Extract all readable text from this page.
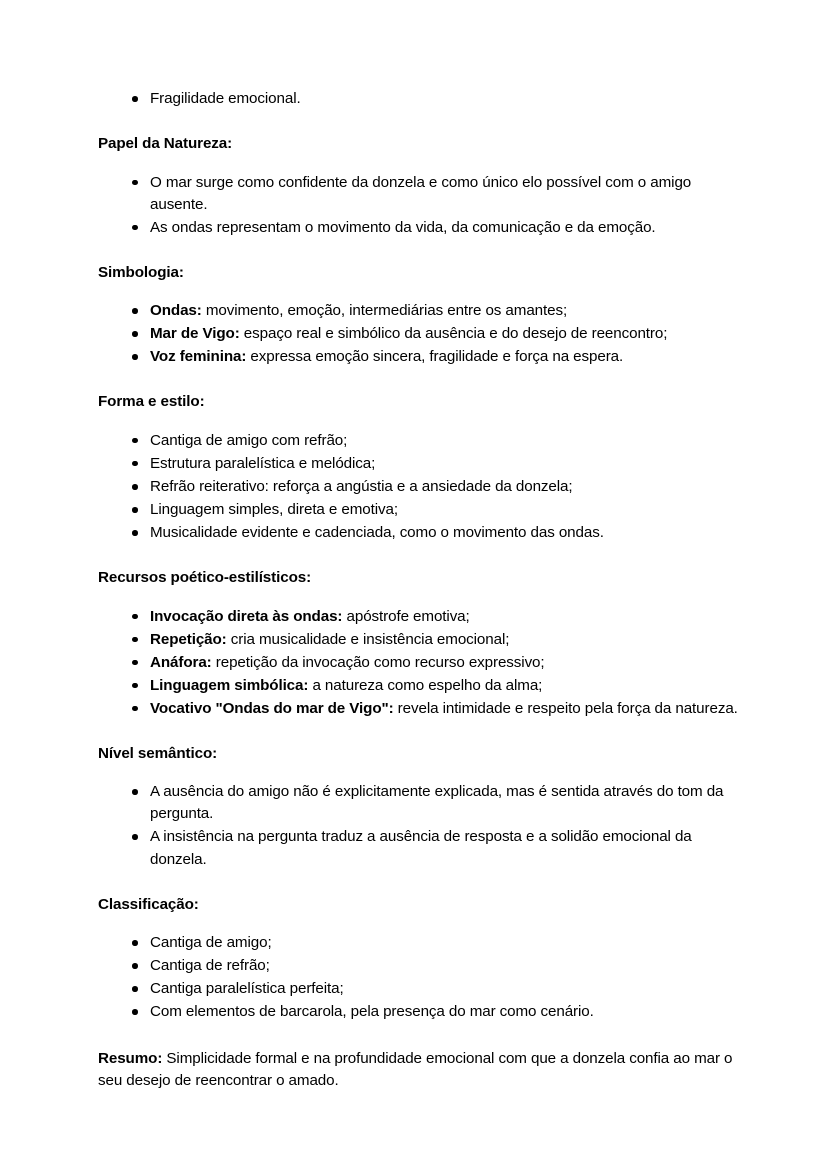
Fragilidade emocional.
Papel da Natureza:
O mar surge como confidente da donzela e como único elo possível com o amigo ausente.
As ondas representam o movimento da vida, da comunicação e da emoção.
Simbologia:
Ondas: movimento, emoção, intermediárias entre os amantes;
Mar de Vigo: espaço real e simbólico da ausência e do desejo de reencontro;
Voz feminina: expressa emoção sincera, fragilidade e força na espera.
Forma e estilo:
Cantiga de amigo com refrão;
Estrutura paralelística e melódica;
Refrão reiterativo: reforça a angústia e a ansiedade da donzela;
Linguagem simples, direta e emotiva;
Musicalidade evidente e cadenciada, como o movimento das ondas.
Recursos poético-estilísticos:
Invocação direta às ondas: apóstrofe emotiva;
Repetição: cria musicalidade e insistência emocional;
Anáfora: repetição da invocação como recurso expressivo;
Linguagem simbólica: a natureza como espelho da alma;
Vocativo "Ondas do mar de Vigo": revela intimidade e respeito pela força da natureza.
Nível semântico:
A ausência do amigo não é explicitamente explicada, mas é sentida através do tom da pergunta.
A insistência na pergunta traduz a ausência de resposta e a solidão emocional da donzela.
Classificação:
Cantiga de amigo;
Cantiga de refrão;
Cantiga paralelística perfeita;
Com elementos de barcarola, pela presença do mar como cenário.

Resumo: Simplicidade formal e na profundidade emocional com que a donzela confia ao mar o seu desejo de reencontrar o amado.
